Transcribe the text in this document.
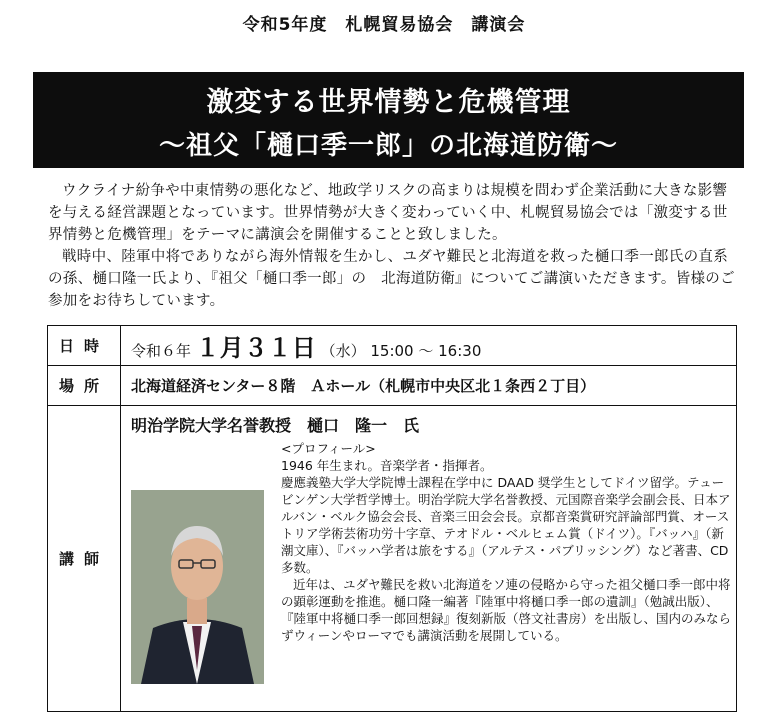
令和5年度　札幌貿易協会　講演会
激変する世界情勢と危機管理
〜祖父「樋口季一郎」の北海道防衛〜

ウクライナ紛争や中東情勢の悪化など、地政学リスクの高まりは規模を問わず企業活動に大きな影響を与える経営課題となっています。世界情勢が大きく変わっていく中、札幌貿易協会では「激変する世界情勢と危機管理」をテーマに講演会を開催することと致しました。

戦時中、陸軍中将でありながら海外情報を生かし、ユダヤ難民と北海道を救った樋口季一郎氏の直系の孫、樋口隆一氏より、『祖父「樋口季一郎」の　北海道防衛』についてご講演いただきます。皆様のご参加をお待ちしています。

日時	令和６年 １月３１日 （水） 15:00 〜 16:30
場所	北海道経済センター８階　Ａホール（札幌市中央区北１条西２丁目）
講師	明治学院大学名誉教授　樋口　隆一　氏
<プロフィール>
1946 年生まれ。音楽学者・指揮者。
慶應義塾大学大学院博士課程在学中に DAAD 奨学生としてドイツ留学。テュービンゲン大学哲学博士。明治学院大学名誉教授、元国際音楽学会副会長、日本アルバン・ベルク協会会長、音楽三田会会長。京都音楽賞研究評論部門賞、オーストリア学術芸術功労十字章、テオドル・ベルヒェム賞（ドイツ）。『バッハ』（新潮文庫）、『バッハ学者は旅をする』（アルテス・パブリッシング）など著書、CD 多数。
近年は、ユダヤ難民を救い北海道をソ連の侵略から守った祖父樋口季一郎中将の顕彰運動を推進。樋口隆一編著『陸軍中将樋口季一郎の遺訓』（勉誠出版）、『陸軍中将樋口季一郎回想録』復刻新版（啓文社書房）を出版し、国内のみならずウィーンやローマでも講演活動を展開している。
